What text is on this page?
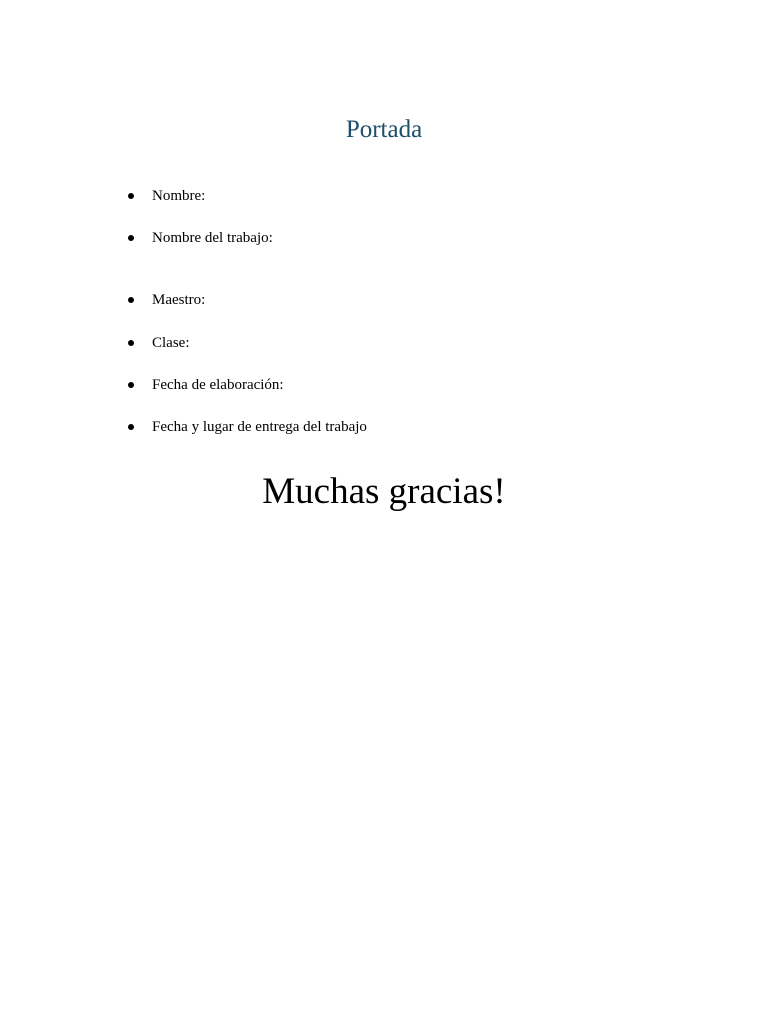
Portada
Nombre:
Nombre del trabajo:
Maestro:
Clase:
Fecha de elaboración:
Fecha y lugar de entrega del trabajo
Muchas gracias!
